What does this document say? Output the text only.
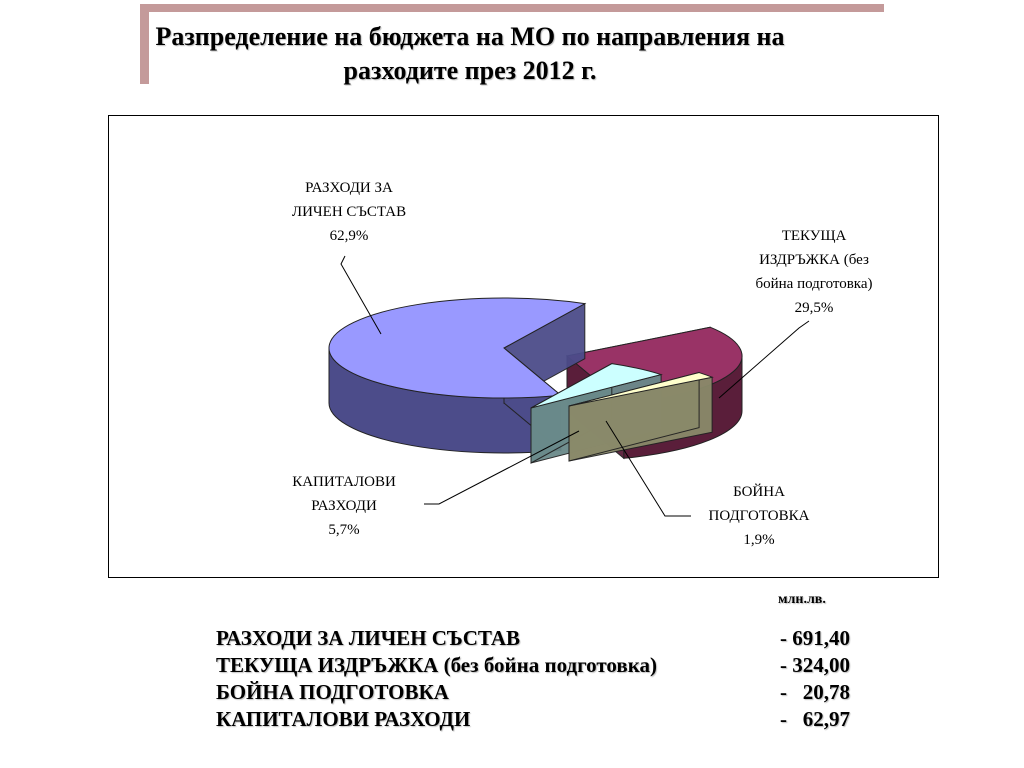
Разпределение на бюджета на МО по направления на
разходите през 2012 г.
РАЗХОДИ ЗА
ЛИЧЕН СЪСТАВ
62,9%	ТЕКУЩА
ИЗДРЪЖКА (без
бойна подготовка)
29,5%
БОЙНА
ПОДГОТОВКА
1,9%
КАПИТАЛОВИ
РАЗХОДИ
5,7%
млн.лв.
РАЗХОДИ ЗА ЛИЧЕН СЪСТАВ	- 691,40
ТЕКУЩА ИЗДРЪЖКА (без бойна подготовка)	- 324,00
БОЙНА ПОДГОТОВКА	-   20,78
КАПИТАЛОВИ РАЗХОДИ	-   62,97
